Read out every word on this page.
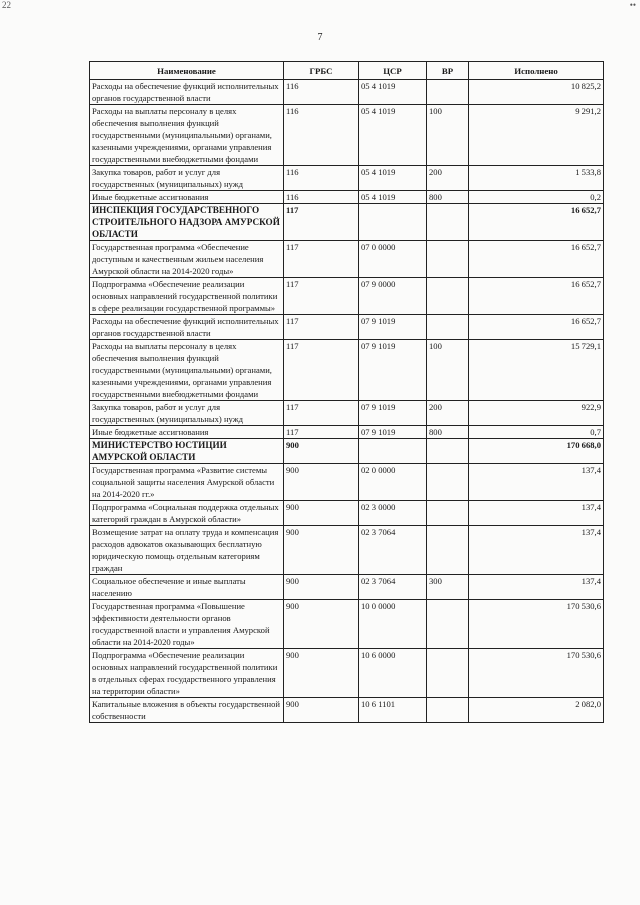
22	••
7
Наименование	ГРБС	ЦСР	ВР	Исполнено
Расходы на обеспечение функций исполнительных органов государственной власти	116	05 4 1019		10 825,2
Расходы на выплаты персоналу в целях обеспечения выполнения функций государственными (муниципальными) органами, казенными учреждениями, органами управления государственными внебюджетными фондами	116	05 4 1019	100	9 291,2
Закупка товаров, работ и услуг для государственных (муниципальных) нужд	116	05 4 1019	200	1 533,8
Иные бюджетные ассигнования	116	05 4 1019	800	0,2
ИНСПЕКЦИЯ ГОСУДАРСТВЕННОГО СТРОИТЕЛЬНОГО НАДЗОРА АМУРСКОЙ ОБЛАСТИ	117			16 652,7
Государственная программа «Обеспечение доступным и качественным жильем населения Амурской области на 2014-2020 годы»	117	07 0 0000		16 652,7
Подпрограмма «Обеспечение реализации основных направлений государственной политики в сфере реализации государственной программы»	117	07 9 0000		16 652,7
Расходы на обеспечение функций исполнительных органов государственной власти	117	07 9 1019		16 652,7
Расходы на выплаты персоналу в целях обеспечения выполнения функций государственными (муниципальными) органами, казенными учреждениями, органами управления государственными внебюджетными фондами	117	07 9 1019	100	15 729,1
Закупка товаров, работ и услуг для государственных (муниципальных) нужд	117	07 9 1019	200	922,9
Иные бюджетные ассигнования	117	07 9 1019	800	0,7
МИНИСТЕРСТВО ЮСТИЦИИ АМУРСКОЙ ОБЛАСТИ	900			170 668,0
Государственная программа «Развитие системы социальной защиты населения Амурской области на 2014-2020 гг.»	900	02 0 0000		137,4
Подпрограмма «Социальная поддержка отдельных категорий граждан в Амурской области»	900	02 3 0000		137,4
Возмещение затрат на оплату труда и компенсация расходов адвокатов оказывающих бесплатную юридическую помощь отдельным категориям граждан	900	02 3 7064		137,4
Социальное обеспечение и иные выплаты населению	900	02 3 7064	300	137,4
Государственная программа «Повышение эффективности деятельности органов государственной власти и управления Амурской области на 2014-2020 годы»	900	10 0 0000		170 530,6
Подпрограмма «Обеспечение реализации основных направлений государственной политики в отдельных сферах государственного управления на территории области»	900	10 6 0000		170 530,6
Капитальные вложения в объекты государственной собственности	900	10 6 1101		2 082,0
